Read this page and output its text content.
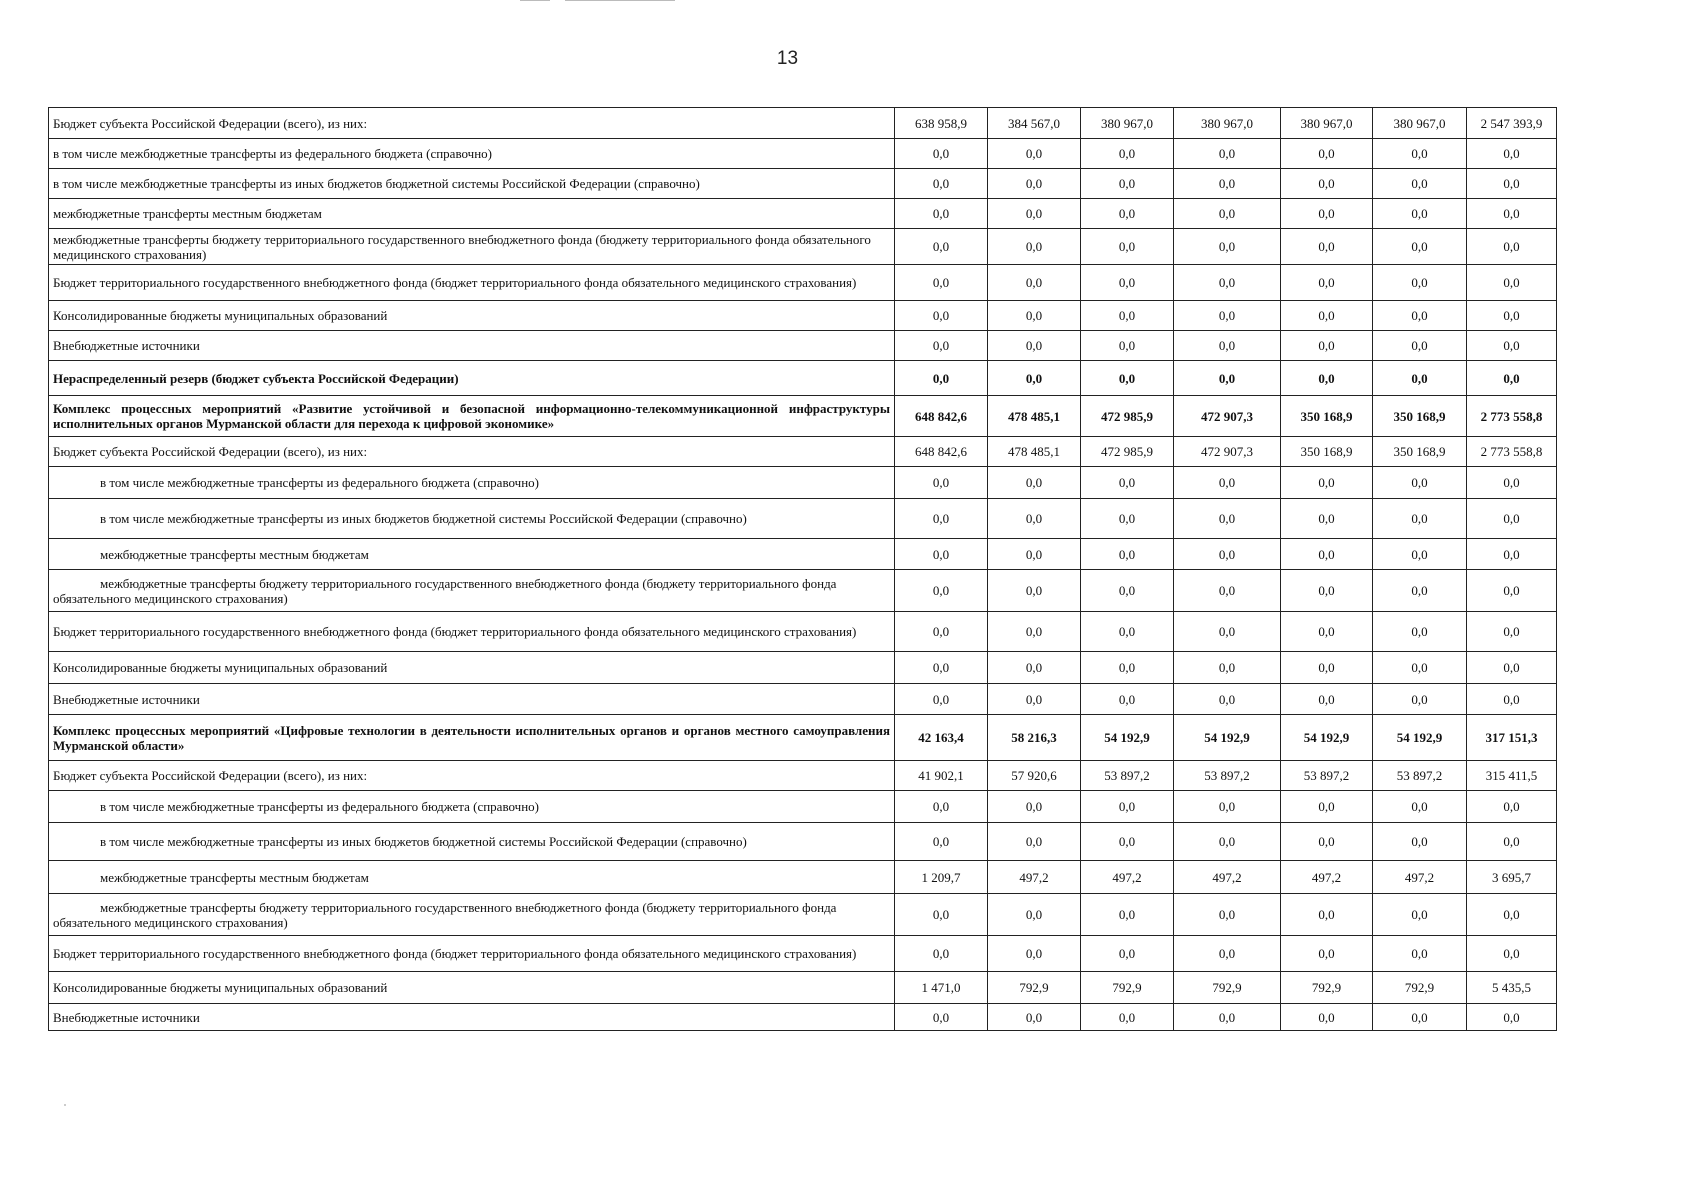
13
Бюджет субъекта Российской Федерации (всего), из них:	638 958,9	384 567,0	380 967,0	380 967,0	380 967,0	380 967,0	2 547 393,9
в том числе межбюджетные трансферты из федерального бюджета (справочно)	0,0	0,0	0,0	0,0	0,0	0,0	0,0
в том числе межбюджетные трансферты из иных бюджетов бюджетной системы Российской Федерации (справочно)	0,0	0,0	0,0	0,0	0,0	0,0	0,0
межбюджетные трансферты местным бюджетам	0,0	0,0	0,0	0,0	0,0	0,0	0,0
межбюджетные трансферты бюджету территориального государственного внебюджетного фонда (бюджету территориального фонда обязательного медицинского страхования)	0,0	0,0	0,0	0,0	0,0	0,0	0,0
Бюджет территориального государственного внебюджетного фонда (бюджет территориального фонда обязательного медицинского страхования)	0,0	0,0	0,0	0,0	0,0	0,0	0,0
Консолидированные бюджеты муниципальных образований	0,0	0,0	0,0	0,0	0,0	0,0	0,0
Внебюджетные источники	0,0	0,0	0,0	0,0	0,0	0,0	0,0
Нераспределенный резерв (бюджет субъекта Российской Федерации)	0,0	0,0	0,0	0,0	0,0	0,0	0,0
Комплекс процессных мероприятий «Развитие устойчивой и безопасной информационно-телекоммуникационной инфраструктуры исполнительных органов Мурманской области для перехода к цифровой экономике»	648 842,6	478 485,1	472 985,9	472 907,3	350 168,9	350 168,9	2 773 558,8
Бюджет субъекта Российской Федерации (всего), из них:	648 842,6	478 485,1	472 985,9	472 907,3	350 168,9	350 168,9	2 773 558,8
в том числе межбюджетные трансферты из федерального бюджета (справочно)	0,0	0,0	0,0	0,0	0,0	0,0	0,0
в том числе межбюджетные трансферты из иных бюджетов бюджетной системы Российской Федерации (справочно)	0,0	0,0	0,0	0,0	0,0	0,0	0,0
межбюджетные трансферты местным бюджетам	0,0	0,0	0,0	0,0	0,0	0,0	0,0
межбюджетные трансферты бюджету территориального государственного внебюджетного фонда (бюджету территориального фонда обязательного медицинского страхования)	0,0	0,0	0,0	0,0	0,0	0,0	0,0
Бюджет территориального государственного внебюджетного фонда (бюджет территориального фонда обязательного медицинского страхования)	0,0	0,0	0,0	0,0	0,0	0,0	0,0
Консолидированные бюджеты муниципальных образований	0,0	0,0	0,0	0,0	0,0	0,0	0,0
Внебюджетные источники	0,0	0,0	0,0	0,0	0,0	0,0	0,0
Комплекс процессных мероприятий «Цифровые технологии в деятельности исполнительных органов и органов местного самоуправления Мурманской области»	42 163,4	58 216,3	54 192,9	54 192,9	54 192,9	54 192,9	317 151,3
Бюджет субъекта Российской Федерации (всего), из них:	41 902,1	57 920,6	53 897,2	53 897,2	53 897,2	53 897,2	315 411,5
в том числе межбюджетные трансферты из федерального бюджета (справочно)	0,0	0,0	0,0	0,0	0,0	0,0	0,0
в том числе межбюджетные трансферты из иных бюджетов бюджетной системы Российской Федерации (справочно)	0,0	0,0	0,0	0,0	0,0	0,0	0,0
межбюджетные трансферты местным бюджетам	1 209,7	497,2	497,2	497,2	497,2	497,2	3 695,7
межбюджетные трансферты бюджету территориального государственного внебюджетного фонда (бюджету территориального фонда обязательного медицинского страхования)	0,0	0,0	0,0	0,0	0,0	0,0	0,0
Бюджет территориального государственного внебюджетного фонда (бюджет территориального фонда обязательного медицинского страхования)	0,0	0,0	0,0	0,0	0,0	0,0	0,0
Консолидированные бюджеты муниципальных образований	1 471,0	792,9	792,9	792,9	792,9	792,9	5 435,5
Внебюджетные источники	0,0	0,0	0,0	0,0	0,0	0,0	0,0
